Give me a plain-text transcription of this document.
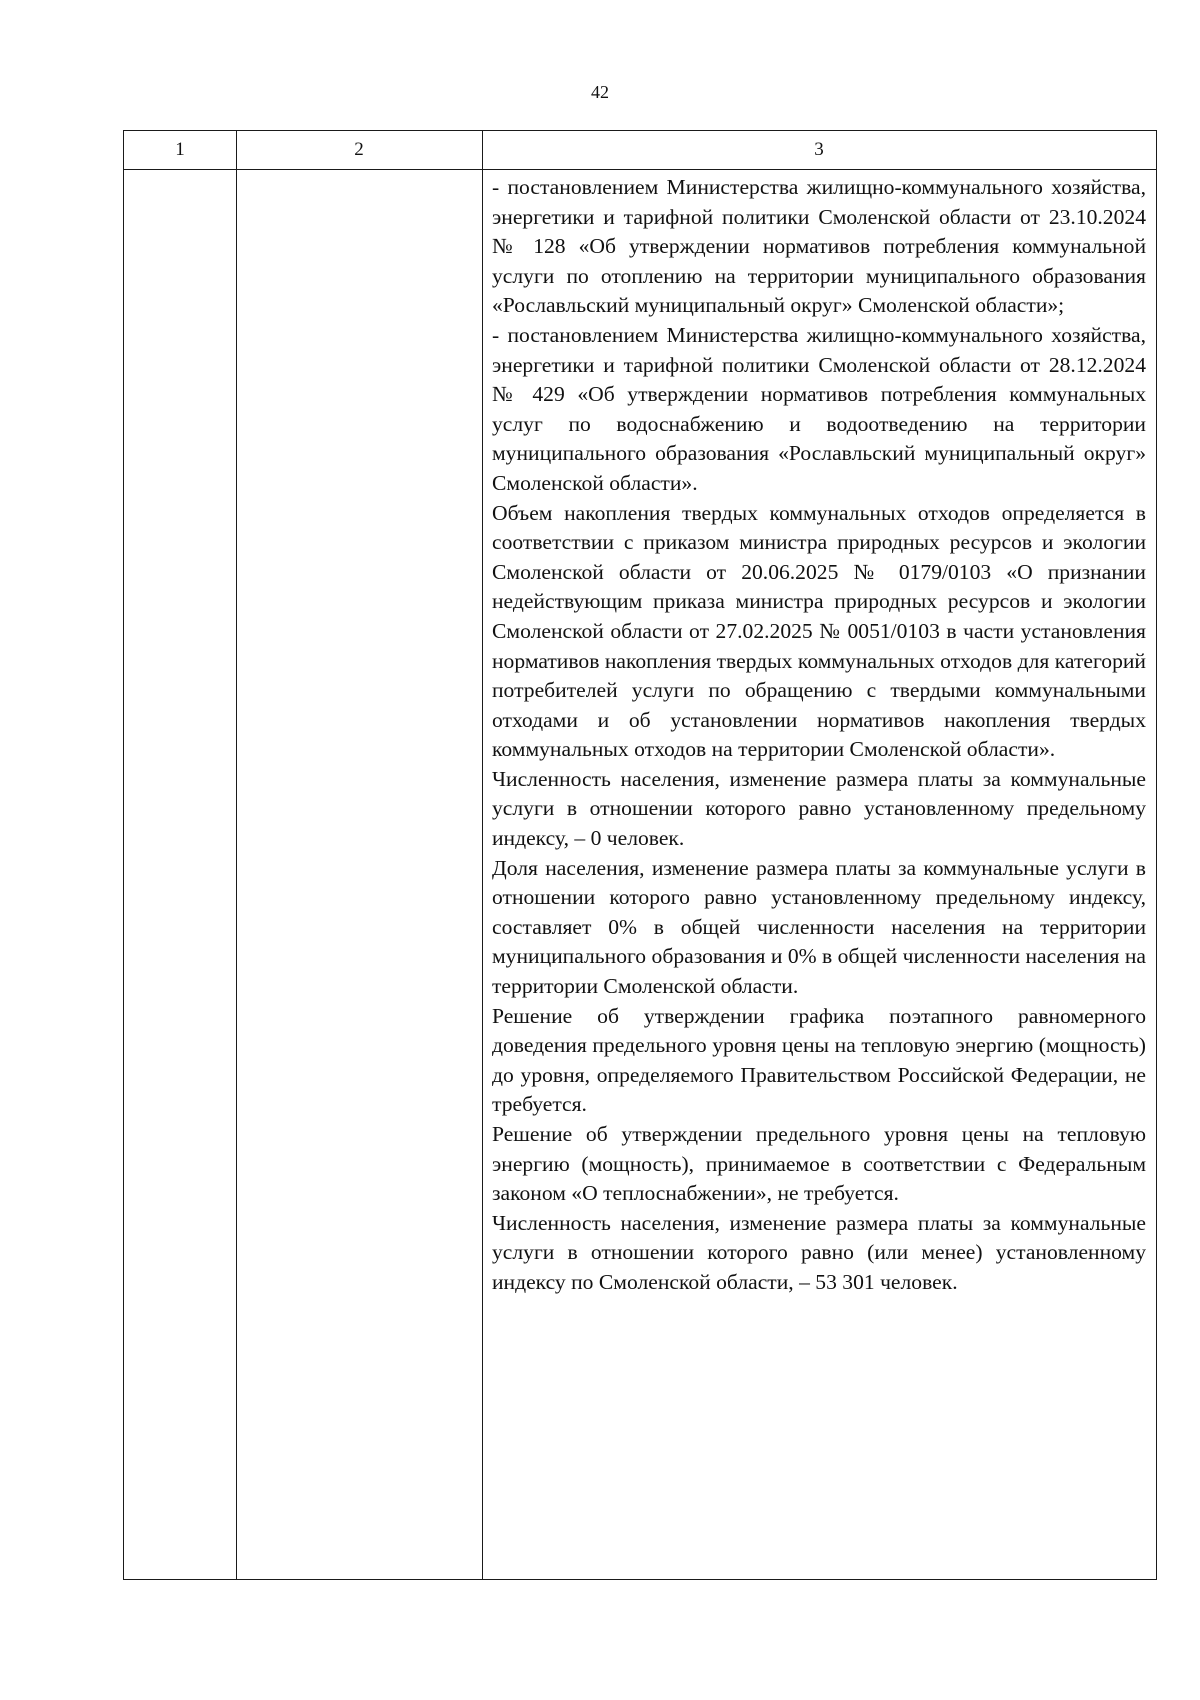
42
1	2	3

- постановлением Министерства жилищно-коммунального хозяйства, энергетики и тарифной политики Смоленской области от 23.10.2024 № 128 «Об утверждении нормативов потребления коммунальной услуги по отоплению на территории муниципального образования «Рославльский муниципальный округ» Смоленской области»;

- постановлением Министерства жилищно-коммунального хозяйства, энергетики и тарифной политики Смоленской области от 28.12.2024 № 429 «Об утверждении нормативов потребления коммунальных услуг по водоснабжению и водоотведению на территории муниципального образования «Рославльский муниципальный округ» Смоленской области».

Объем накопления твердых коммунальных отходов определяется в соответствии с приказом министра природных ресурсов и экологии Смоленской области от 20.06.2025 № 0179/0103 «О признании недействующим приказа министра природных ресурсов и экологии Смоленской области от 27.02.2025 № 0051/0103 в части установления нормативов накопления твердых коммунальных отходов для категорий потребителей услуги по обращению с твердыми коммунальными отходами и об установлении нормативов накопления твердых коммунальных отходов на территории Смоленской области».

Численность населения, изменение размера платы за коммунальные услуги в отношении которого равно установленному предельному индексу, – 0 человек.

Доля населения, изменение размера платы за коммунальные услуги в отношении которого равно установленному предельному индексу, составляет 0% в общей численности населения на территории муниципального образования и 0% в общей численности населения на территории Смоленской области.

Решение об утверждении графика поэтапного равномерного доведения предельного уровня цены на тепловую энергию (мощность) до уровня, определяемого Правительством Российской Федерации, не требуется.

Решение об утверждении предельного уровня цены на тепловую энергию (мощность), принимаемое в соответствии с Федеральным законом «О теплоснабжении», не требуется.

Численность населения, изменение размера платы за коммунальные услуги в отношении которого равно (или менее) установленному индексу по Смоленской области, – 53 301 человек.
